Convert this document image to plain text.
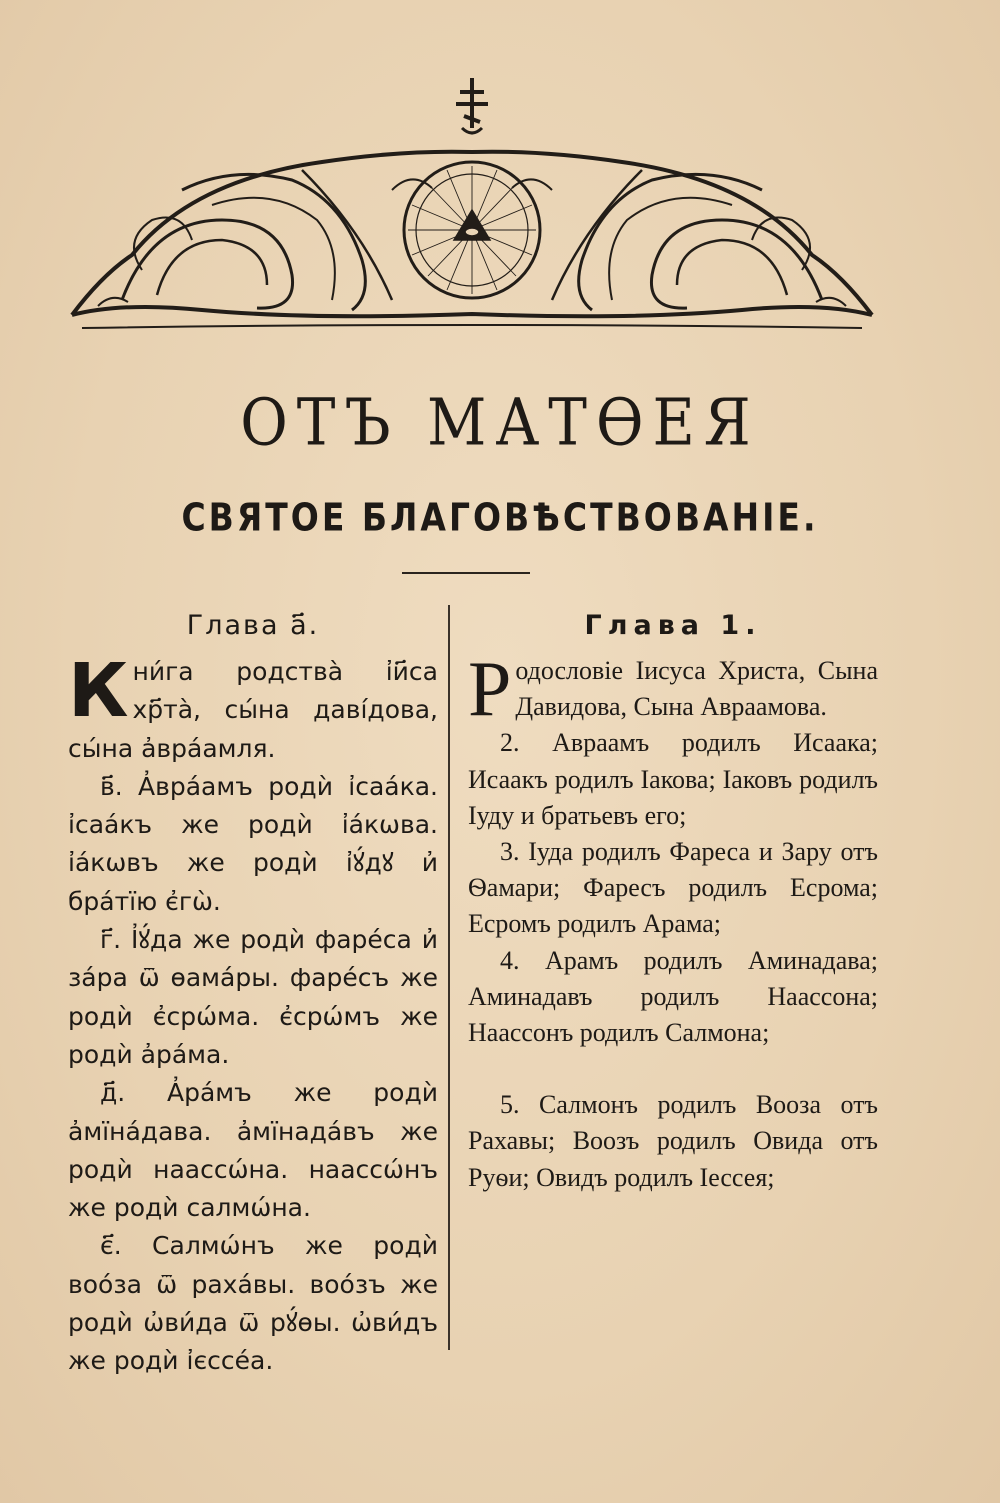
ОТЪ МАТѲЕЯ
СВЯТОЕ БЛАГОВѢСТВОВАНІЕ.
Глава а҃.

Кни́га родства̀ і҆и҃са хр҃та̀, сы́на даві́дова, сы́на а҆вра́амля.

в҃. А҆вра́амъ родѝ і҆саа́ка. і҆саа́къ же родѝ і҆а́кѡва. і҆а́кѡвъ же родѝ і҆ꙋ́дꙋ и҆ бра́тїю є҆гѡ̀.

г҃. І҆ꙋ́да же родѝ фаре́са и҆ за́ра ѿ ѳама́ры. фаре́съ же родѝ є҆срѡ́ма. є҆срѡ́мъ же родѝ а҆ра́ма.

д҃. А҆ра́мъ же родѝ а҆мїна́дава. а҆мїнада́въ же родѝ наассѡ́на. наассѡ́нъ же родѝ салмѡ́на.

є҃. Салмѡ́нъ же родѝ воо́за ѿ раха́вы. воо́зъ же родѝ ѡ҆ви́да ѿ рꙋ́ѳы. ѡ҆ви́дъ же родѝ і҆єссе́а.

Глава 1.

Родословіе Іисуса Христа, Сына Давидова, Сына Авраамова.

2. Авраамъ родилъ Исаака; Исаакъ родилъ Іакова; Іаковъ родилъ Іуду и братьевъ его;

3. Іуда родилъ Фареса и Зару отъ Ѳамари; Фаресъ родилъ Есрома; Есромъ родилъ Арама;

4. Арамъ родилъ Аминадава; Аминадавъ родилъ Наассона; Наассонъ родилъ Салмона;

5. Салмонъ родилъ Вооза отъ Рахавы; Воозъ родилъ Овида отъ Руѳи; Овидъ родилъ Іессея;
